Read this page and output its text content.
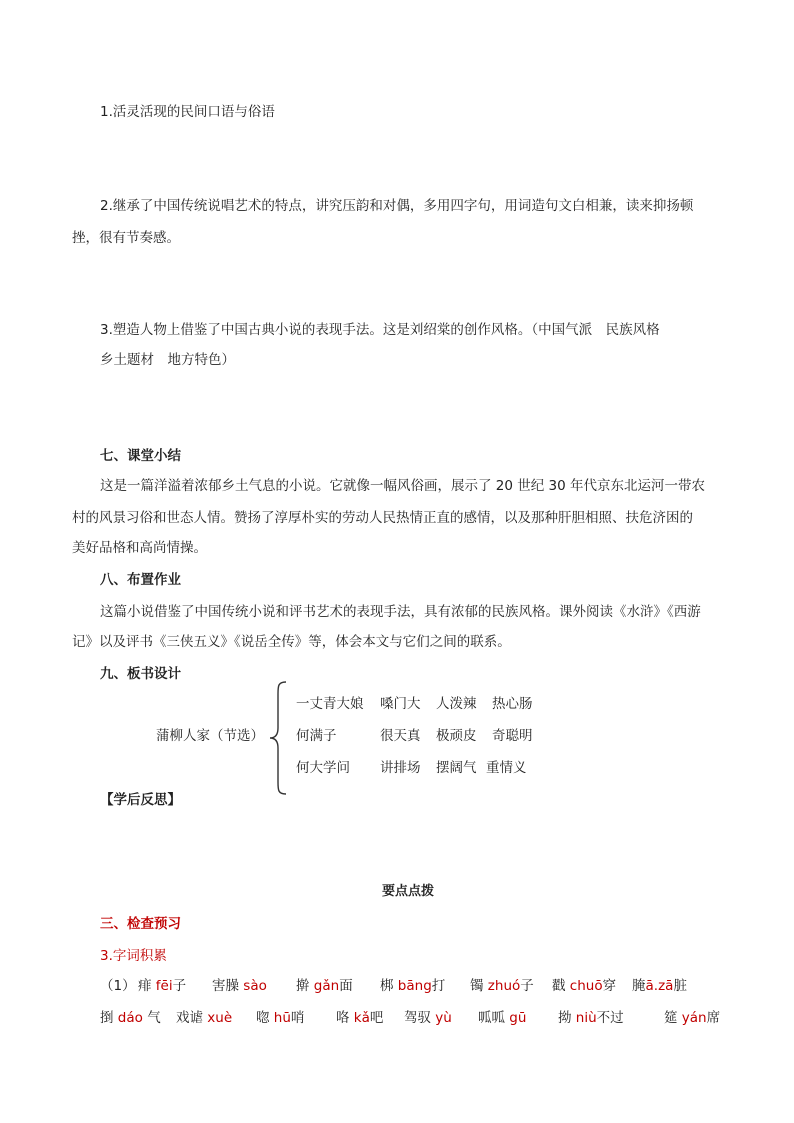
1.活灵活现的民间口语与俗语
2.继承了中国传统说唱艺术的特点，讲究压韵和对偶，多用四字句，用词造句文白相兼，读来抑扬顿
挫，很有节奏感。
3.塑造人物上借鉴了中国古典小说的表现手法。这是刘绍棠的创作风格。（中国气派　民族风格
乡土题材　地方特色）
七、课堂小结
这是一篇洋溢着浓郁乡土气息的小说。它就像一幅风俗画，展示了 20 世纪 30 年代京东北运河一带农
村的风景习俗和世态人情。赞扬了淳厚朴实的劳动人民热情正直的感情，以及那种肝胆相照、扶危济困的
美好品格和高尚情操。
八、布置作业
这篇小说借鉴了中国传统小说和评书艺术的表现手法，具有浓郁的民族风格。课外阅读《水浒》《西游
记》以及评书《三侠五义》《说岳全传》等，体会本文与它们之间的联系。
九、板书设计
蒲柳人家（节选）
一丈青大娘 嗓门大 人泼辣 热心肠
何满子	很天真 极顽皮 奇聪明
何大学问 讲排场 摆阔气 重情义
【学后反思】
要点点拨
三、检查预习
3.字词积累
（1） 痱 fēi子 害臊 sào 擀 gǎn面 梆 bāng打 镯 zhuó子 戳 chuō穿 腌ā.zā脏
捯 dáo 气 戏谑 xuè 唿 hū哨 咯 kǎ吧 驾驭 yù 呱呱 gū 拗 niù不过	筵 yán席
